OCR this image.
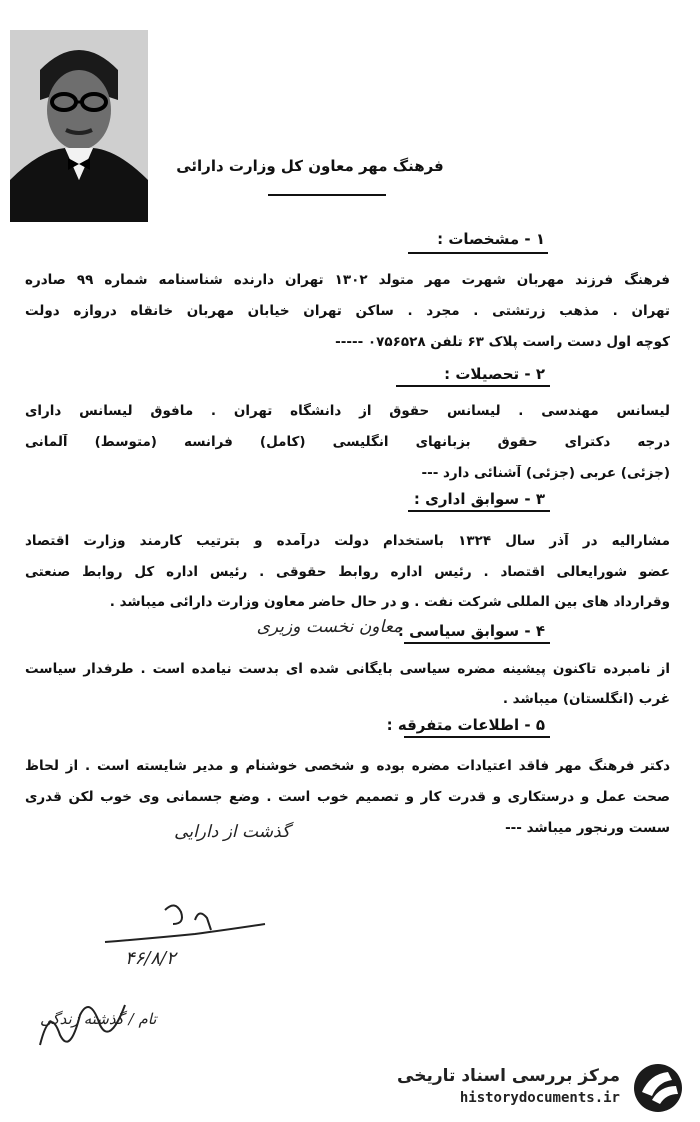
فرهنگ مهر معاون کل وزارت دارائی
۱ - مشخصات :
فرهنگ فرزند مهربان شهرت مهر متولد ۱۳۰۲ تهران دارنده شناسنامه شماره ۹۹ صادره
تهران . مذهب زرتشتی . مجرد . ساکن تهران خیابان مهربان خانقاه دروازه دولت
کوچه اول دست راست پلاک ۶۳ تلفن ۰۷۵۶۵۲۸ -----
۲ - تحصیلات :
لیسانس مهندسی . لیسانس حقوق از دانشگاه تهران . مافوق لیسانس دارای
درجه دکترای حقوق بزبانهای انگلیسی (کامل) فرانسه (متوسط) آلمانی
(جزئی) عربی (جزئی) آشنائی دارد ---
۳ - سوابق اداری :
مشارالیه در آذر سال ۱۳۲۴ باستخدام دولت درآمده و بترتیب کارمند وزارت اقتصاد
عضو شورایعالی اقتصاد . رئیس اداره روابط حقوقی . رئیس اداره کل روابط صنعتی
وقرارداد های بین المللی شرکت نفت . و در حال حاضر معاون وزارت دارائی میباشد .
۴ - سوابق سیاسی :
معاون نخست وزیری
از نامبرده تاکنون پیشینه مضره سیاسی بایگانی شده ای بدست نیامده است . طرفدار سیاست
غرب (انگلستان) میباشد .
۵ - اطلاعات متفرقه :
دکتر فرهنگ مهر فاقد اعتیادات مضره بوده و شخصی خوشنام و مدیر شایسته است . از لحاظ
صحت عمل و درستکاری و قدرت کار و تصمیم خوب است . وضع جسمانی وی خوب لکن قدری
سست ورنجور میباشد ---
گذشت از دارایی
۴۶/۸/۲
تام / گذشته زندگی
مرکز بررسی اسناد تاریخی
historydocuments.ir
